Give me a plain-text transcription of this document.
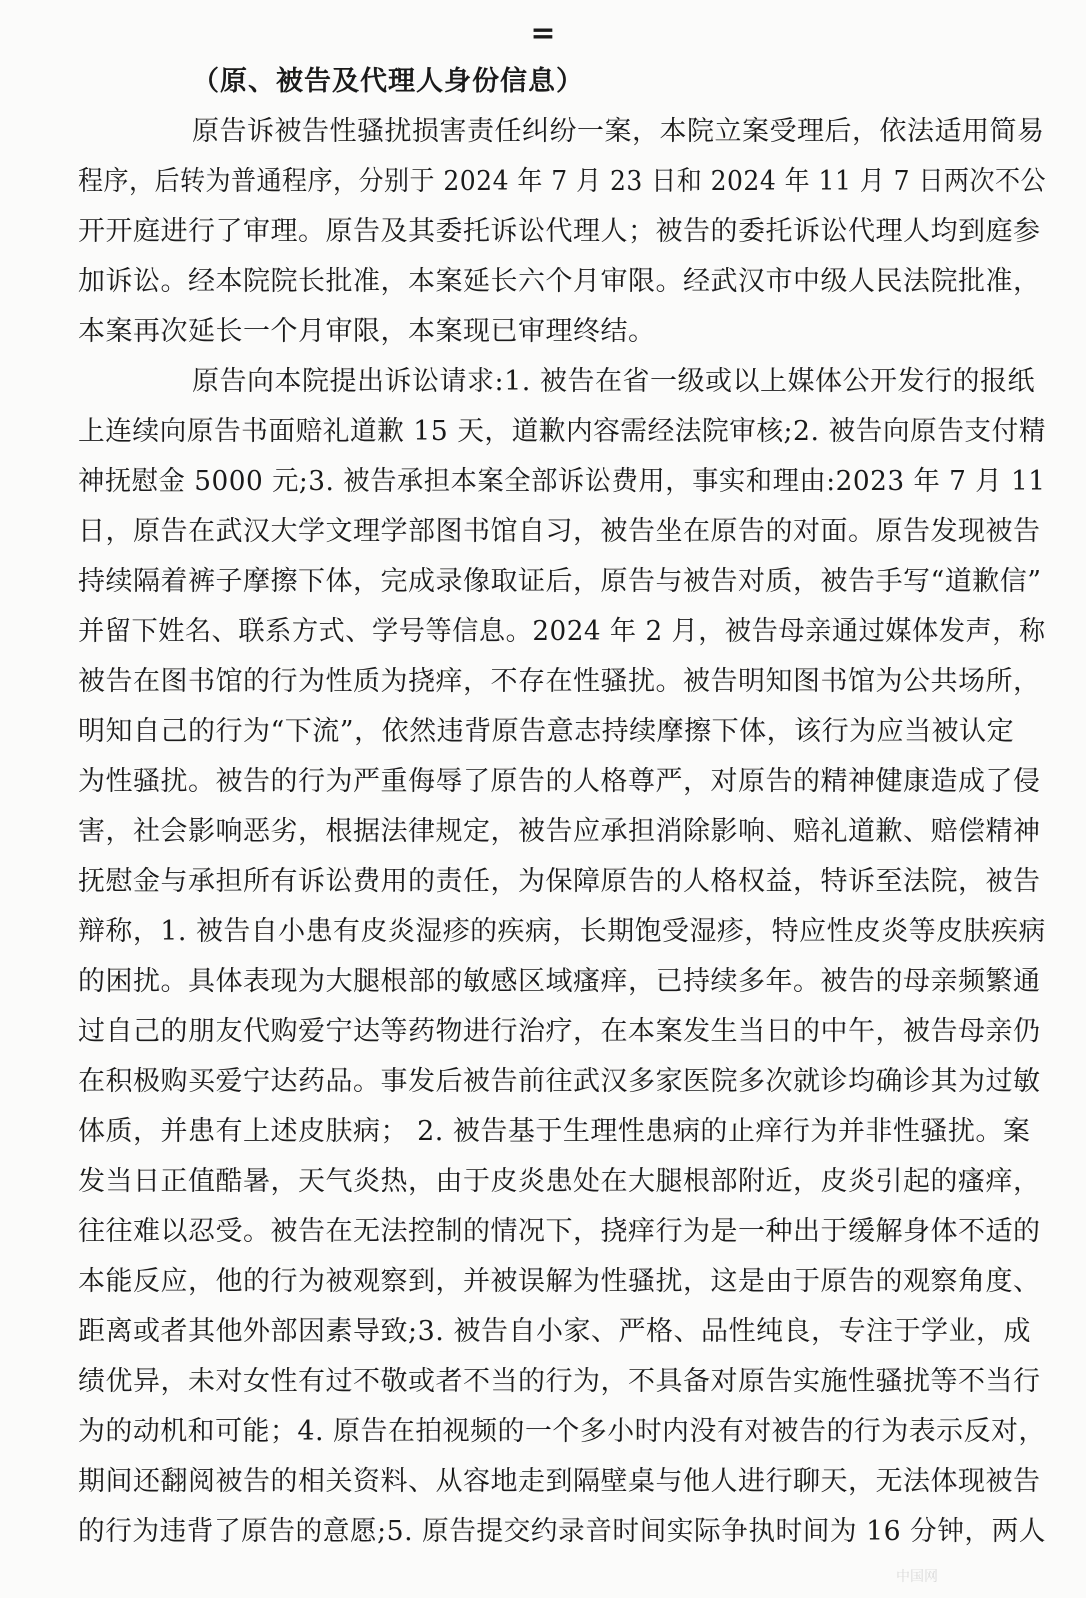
=
（原、被告及代理人身份信息）
原告诉被告性骚扰损害责任纠纷一案，本院立案受理后，依法适用简易
程序，后转为普通程序，分别于 2024 年 7 月 23 日和 2024 年 11 月 7 日两次不公
开开庭进行了审理。原告及其委托诉讼代理人；被告的委托诉讼代理人均到庭参
加诉讼。经本院院长批准，本案延长六个月审限。经武汉市中级人民法院批准，
本案再次延长一个月审限，本案现已审理终结。
原告向本院提出诉讼请求:1. 被告在省一级或以上媒体公开发行的报纸
上连续向原告书面赔礼道歉 15 天，道歉内容需经法院审核;2. 被告向原告支付精
神抚慰金 5000 元;3. 被告承担本案全部诉讼费用，事实和理由:2023 年 7 月 11
日，原告在武汉大学文理学部图书馆自习，被告坐在原告的对面。原告发现被告
持续隔着裤子摩擦下体，完成录像取证后，原告与被告对质，被告手写“道歉信”
并留下姓名、联系方式、学号等信息。2024 年 2 月，被告母亲通过媒体发声，称
被告在图书馆的行为性质为挠痒，不存在性骚扰。被告明知图书馆为公共场所，
明知自己的行为“下流”，依然违背原告意志持续摩擦下体，该行为应当被认定
为性骚扰。被告的行为严重侮辱了原告的人格尊严，对原告的精神健康造成了侵
害，社会影响恶劣，根据法律规定，被告应承担消除影响、赔礼道歉、赔偿精神
抚慰金与承担所有诉讼费用的责任，为保障原告的人格权益，特诉至法院，被告
辩称，1. 被告自小患有皮炎湿疹的疾病，长期饱受湿疹，特应性皮炎等皮肤疾病
的困扰。具体表现为大腿根部的敏感区域瘙痒，已持续多年。被告的母亲频繁通
过自己的朋友代购爱宁达等药物进行治疗，在本案发生当日的中午，被告母亲仍
在积极购买爱宁达药品。事发后被告前往武汉多家医院多次就诊均确诊其为过敏
体质，并患有上述皮肤病； 2. 被告基于生理性患病的止痒行为并非性骚扰。案
发当日正值酷暑，天气炎热，由于皮炎患处在大腿根部附近，皮炎引起的瘙痒，
往往难以忍受。被告在无法控制的情况下，挠痒行为是一种出于缓解身体不适的
本能反应，他的行为被观察到，并被误解为性骚扰，这是由于原告的观察角度、
距离或者其他外部因素导致;3. 被告自小家、严格、品性纯良，专注于学业，成
绩优异，未对女性有过不敬或者不当的行为，不具备对原告实施性骚扰等不当行
为的动机和可能；4. 原告在拍视频的一个多小时内没有对被告的行为表示反对，
期间还翻阅被告的相关资料、从容地走到隔壁桌与他人进行聊天，无法体现被告
的行为违背了原告的意愿;5. 原告提交约录音时间实际争执时间为 16 分钟，两人
中国网
